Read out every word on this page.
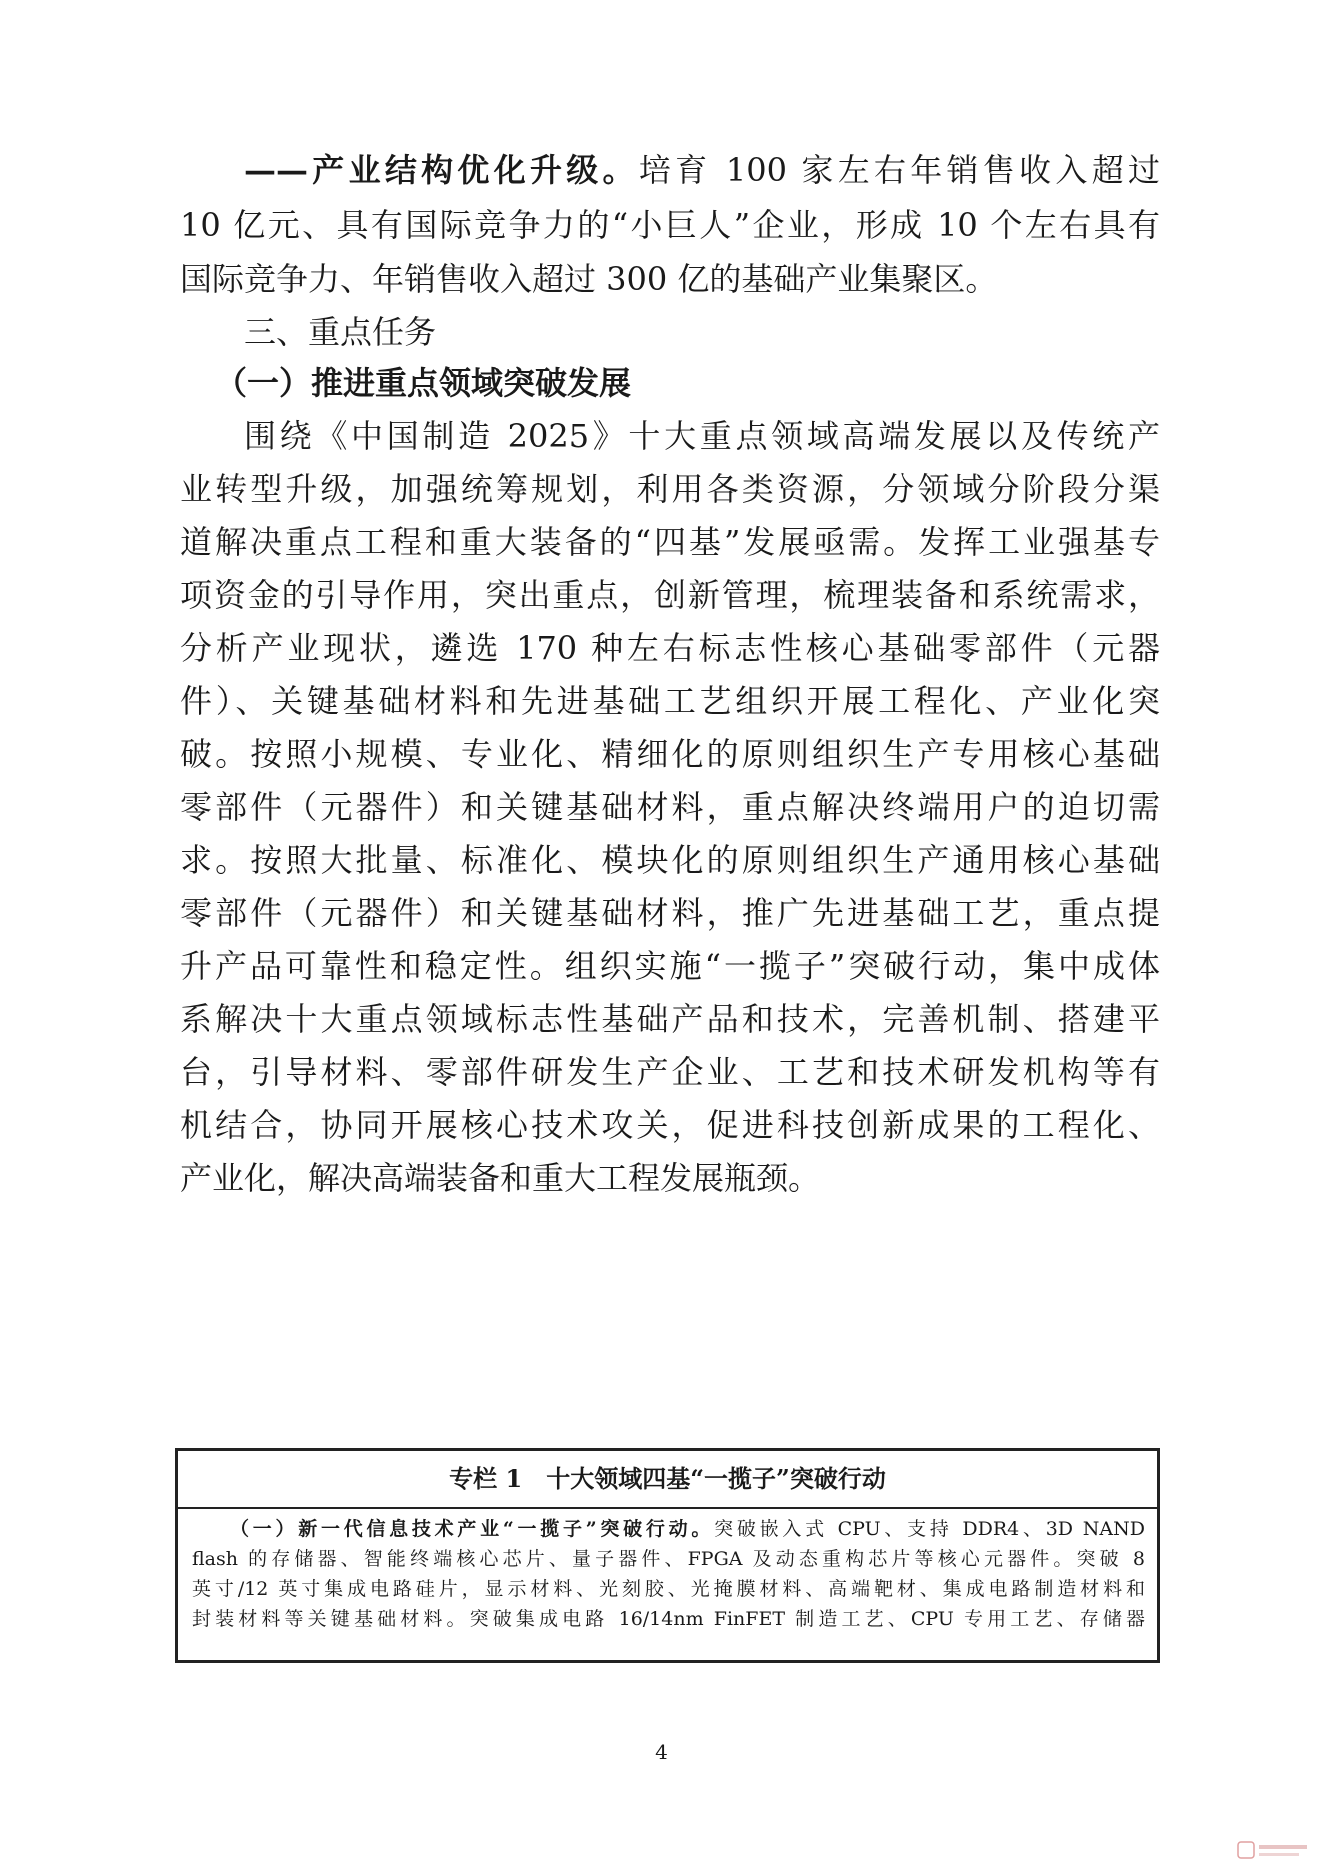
——产业结构优化升级。培育 100 家左右年销售收入超过
10 亿元、具有国际竞争力的“小巨人”企业，形成 10 个左右具有
国际竞争力、年销售收入超过 300 亿的基础产业集聚区。
三、重点任务
（一）推进重点领域突破发展
围绕《中国制造 2025》十大重点领域高端发展以及传统产
业转型升级，加强统筹规划，利用各类资源，分领域分阶段分渠
道解决重点工程和重大装备的“四基”发展亟需。发挥工业强基专
项资金的引导作用，突出重点，创新管理，梳理装备和系统需求，
分析产业现状，遴选 170 种左右标志性核心基础零部件（元器
件）、关键基础材料和先进基础工艺组织开展工程化、产业化突
破。按照小规模、专业化、精细化的原则组织生产专用核心基础
零部件（元器件）和关键基础材料，重点解决终端用户的迫切需
求。按照大批量、标准化、模块化的原则组织生产通用核心基础
零部件（元器件）和关键基础材料，推广先进基础工艺，重点提
升产品可靠性和稳定性。组织实施“一揽子”突破行动，集中成体
系解决十大重点领域标志性基础产品和技术，完善机制、搭建平
台，引导材料、零部件研发生产企业、工艺和技术研发机构等有
机结合，协同开展核心技术攻关，促进科技创新成果的工程化、
产业化，解决高端装备和重大工程发展瓶颈。
专栏 1　十大领域四基“一揽子”突破行动
（一）新一代信息技术产业“一揽子”突破行动。突破嵌入式 CPU、支持 DDR4、3D NAND
flash 的存储器、智能终端核心芯片、量子器件、FPGA 及动态重构芯片等核心元器件。突破 8
英寸/12 英寸集成电路硅片，显示材料、光刻胶、光掩膜材料、高端靶材、集成电路制造材料和
封装材料等关键基础材料。突破集成电路 16/14nm FinFET 制造工艺、CPU 专用工艺、存储器
4
